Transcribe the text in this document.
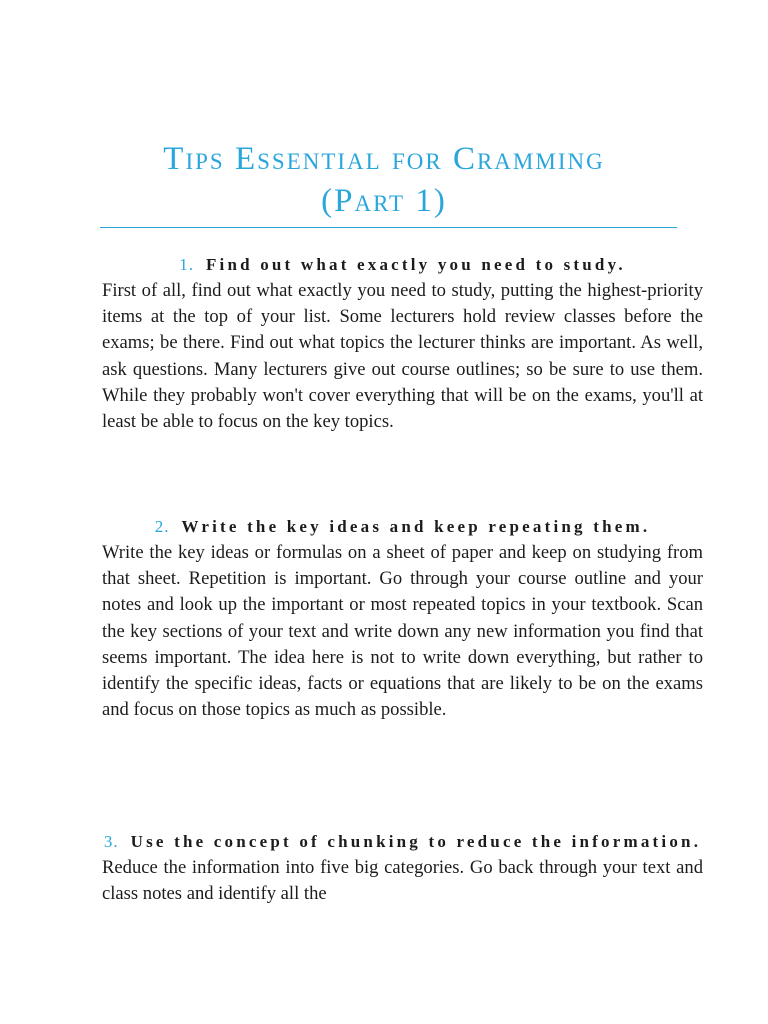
Tips Essential for Cramming
(Part 1)

1. Find out what exactly you need to study.

First of all, find out what exactly you need to study, putting the highest-priority items at the top of your list. Some lecturers hold review classes before the exams; be there. Find out what topics the lecturer thinks are important. As well, ask questions. Many lecturers give out course outlines; so be sure to use them. While they probably won't cover everything that will be on the exams, you'll at least be able to focus on the key topics.

2. Write the key ideas and keep repeating them.

Write the key ideas or formulas on a sheet of paper and keep on studying from that sheet. Repetition is important. Go through your course outline and your notes and look up the important or most repeated topics in your textbook. Scan the key sections of your text and write down any new information you find that seems important. The idea here is not to write down everything, but rather to identify the specific ideas, facts or equations that are likely to be on the exams and focus on those topics as much as possible.

3. Use the concept of chunking to reduce the information.

Reduce the information into five big categories. Go back through your text and class notes and identify all the
